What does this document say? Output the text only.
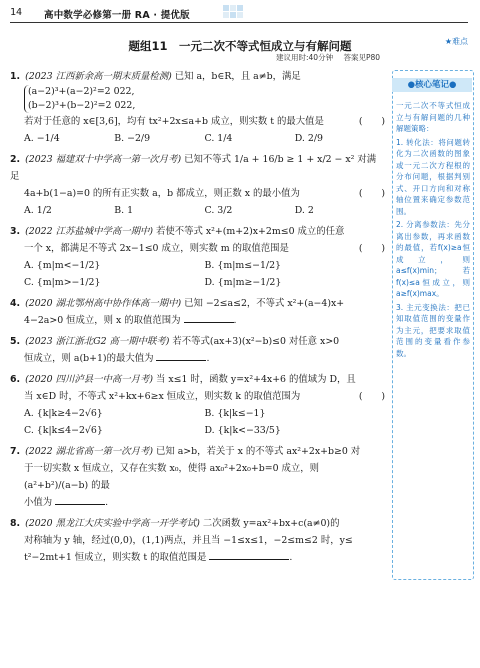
14 高中数学必修第一册 RA · 提优版
题组11　一元二次不等式恒成立与有解问题	★难点
建议用时:40分钟 答案见P80
●核心笔记●

一元二次不等式恒成立与有解问题的几种解题策略：

1. 转化法：将问题转化为二次函数的图象或一元二次方程根的分布问题，根据判别式、开口方向和对称轴位置来确定参数范围。

2. 分离参数法：先分离出参数，再求函数的最值，若f(x)≥a恒成立，则a≤f(x)min；若f(x)≤a恒成立，则a≥f(x)max。

3. 主元变换法：把已知取值范围的变量作为主元，把要求取值范围的变量看作参数。

1. (2023 江西新余高一期末质量检测) 已知 a，b∈R，且 a≠b，满足
(a−2)³+(a−2)²=2 022,
(b−2)³+(b−2)²=2 022,
若对于任意的 x∈[3,6]，均有 tx²+2x≤a+b 成立，则实数 t 的最大值是	(　　)
A. −1/4	B. −2/9	C. 1/4	D. 2/9
2. (2023 福建双十中学高一第一次月考) 已知不等式 1/a + 16/b ≥ 1 + x/2 − x² 对满足
4a+b(1−a)=0 的所有正实数 a，b 都成立，则正数 x 的最小值为	(　　)
A. 1/2	B. 1	C. 3/2	D. 2
3. (2022 江苏盐城中学高一期中) 若使不等式 x²+(m+2)x+2m≤0 成立的任意
一个 x，都满足不等式 2x−1≤0 成立，则实数 m 的取值范围是	(　　)
A. {m|m<−1/2}	B. {m|m≤−1/2}
C. {m|m>−1/2}	D. {m|m≥−1/2}
4. (2020 湖北鄂州高中协作体高一期中) 已知 −2≤a≤2，不等式 x²+(a−4)x+
4−2a>0 恒成立，则 x 的取值范围为	.
5. (2023 浙江浙北G2 高一期中联考) 若不等式(ax+3)(x²−b)≤0 对任意 x>0
恒成立，则 a(b+1)的最大值为	.
6. (2020 四川泸县一中高一月考) 当 x≤1 时，函数 y=x²+4x+6 的值域为 D，且
当 x∈D 时，不等式 x²+kx+6≥x 恒成立，则实数 k 的取值范围为	(　　)
A. {k|k≥4−2√6}	B. {k|k≤−1}
C. {k|k≤4−2√6}	D. {k|k<−33/5}
7. (2022 湖北省高一第一次月考) 已知 a>b，若关于 x 的不等式 ax²+2x+b≥0 对
于一切实数 x 恒成立，又存在实数 x₀，使得 ax₀²+2x₀+b=0 成立，则 (a²+b²)/(a−b) 的最
小值为	.
8. (2020 黑龙江大庆实验中学高一开学考试) 二次函数 y=ax²+bx+c(a≠0)的
对称轴为 y 轴，经过(0,0)，(1,1)两点，并且当 −1≤x≤1，−2≤m≤2 时，y≤
t²−2mt+1 恒成立，则实数 t 的取值范围是	.
